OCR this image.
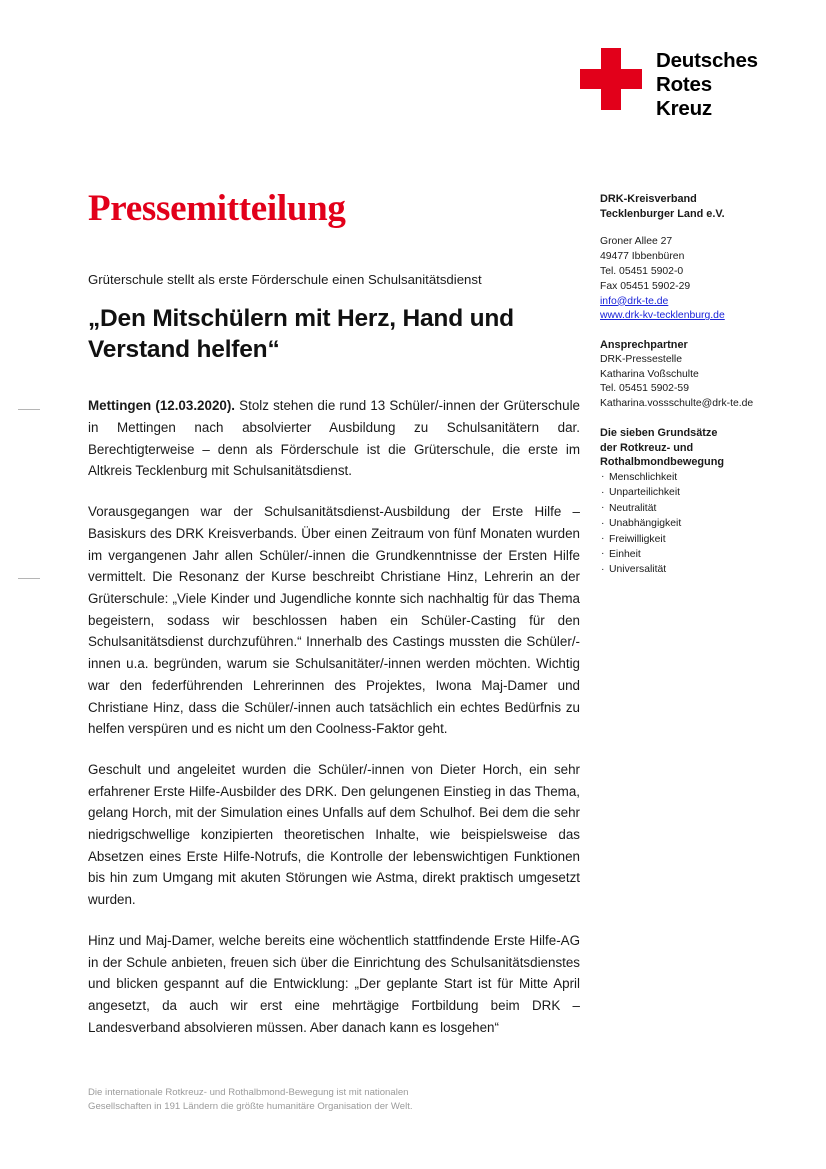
Deutsches
Rotes
Kreuz
Pressemitteilung

Grüterschule stellt als erste Förderschule einen Schulsanitätsdienst

„Den Mitschülern mit Herz, Hand und Verstand helfen“

Mettingen (12.03.2020). Stolz stehen die rund 13 Schüler/-innen der Grüterschule in Mettingen nach absolvierter Ausbildung zu Schulsanitätern dar. Berechtigterweise – denn als Förderschule ist die Grüterschule, die erste im Altkreis Tecklenburg mit Schulsanitätsdienst.

Vorausgegangen war der Schulsanitätsdienst-Ausbildung der Erste Hilfe – Basiskurs des DRK Kreisverbands. Über einen Zeitraum von fünf Monaten wurden im vergangenen Jahr allen Schüler/-innen die Grundkenntnisse der Ersten Hilfe vermittelt. Die Resonanz der Kurse beschreibt Christiane Hinz, Lehrerin an der Grüterschule: „Viele Kinder und Jugendliche konnte sich nachhaltig für das Thema begeistern, sodass wir beschlossen haben ein Schüler-Casting für den Schulsanitätsdienst durchzuführen.“ Innerhalb des Castings mussten die Schüler/-innen u.a. begründen, warum sie Schulsanitäter/-innen werden möchten. Wichtig war den federführenden Lehrerinnen des Projektes, Iwona Maj-Damer und Christiane Hinz, dass die Schüler/-innen auch tatsächlich ein echtes Bedürfnis zu helfen verspüren und es nicht um den Coolness-Faktor geht.

Geschult und angeleitet wurden die Schüler/-innen von Dieter Horch, ein sehr erfahrener Erste Hilfe-Ausbilder des DRK. Den gelungenen Einstieg in das Thema, gelang Horch, mit der Simulation eines Unfalls auf dem Schulhof. Bei dem die sehr niedrigschwellige konzipierten theoretischen Inhalte, wie beispielsweise das Absetzen eines Erste Hilfe-Notrufs, die Kontrolle der lebenswichtigen Funktionen bis hin zum Umgang mit akuten Störungen wie Astma, direkt praktisch umgesetzt wurden.

Hinz und Maj-Damer, welche bereits eine wöchentlich stattfindende Erste Hilfe-AG in der Schule anbieten, freuen sich über die Einrichtung des Schulsanitätsdienstes und blicken gespannt auf die Entwicklung: „Der geplante Start ist für Mitte April angesetzt, da auch wir erst eine mehrtägige Fortbildung beim DRK – Landesverband absolvieren müssen. Aber danach kann es losgehen“

DRK-Kreisverband
Tecklenburger Land e.V.
Groner Allee 27
49477 Ibbenbüren
Tel. 05451 5902-0
Fax 05451 5902-29
info@drk-te.de
www.drk-kv-tecklenburg.de
Ansprechpartner
DRK-Pressestelle
Katharina Voßschulte
Tel. 05451 5902-59
Katharina.vossschulte@drk-te.de
Die sieben Grundsätze
der Rotkreuz- und
Rothalbmondbewegung
· Menschlichkeit
· Unparteilichkeit
· Neutralität
· Unabhängigkeit
· Freiwilligkeit
· Einheit
· Universalität
Die internationale Rotkreuz- und Rothalbmond-Bewegung ist mit nationalen
Gesellschaften in 191 Ländern die größte humanitäre Organisation der Welt.
